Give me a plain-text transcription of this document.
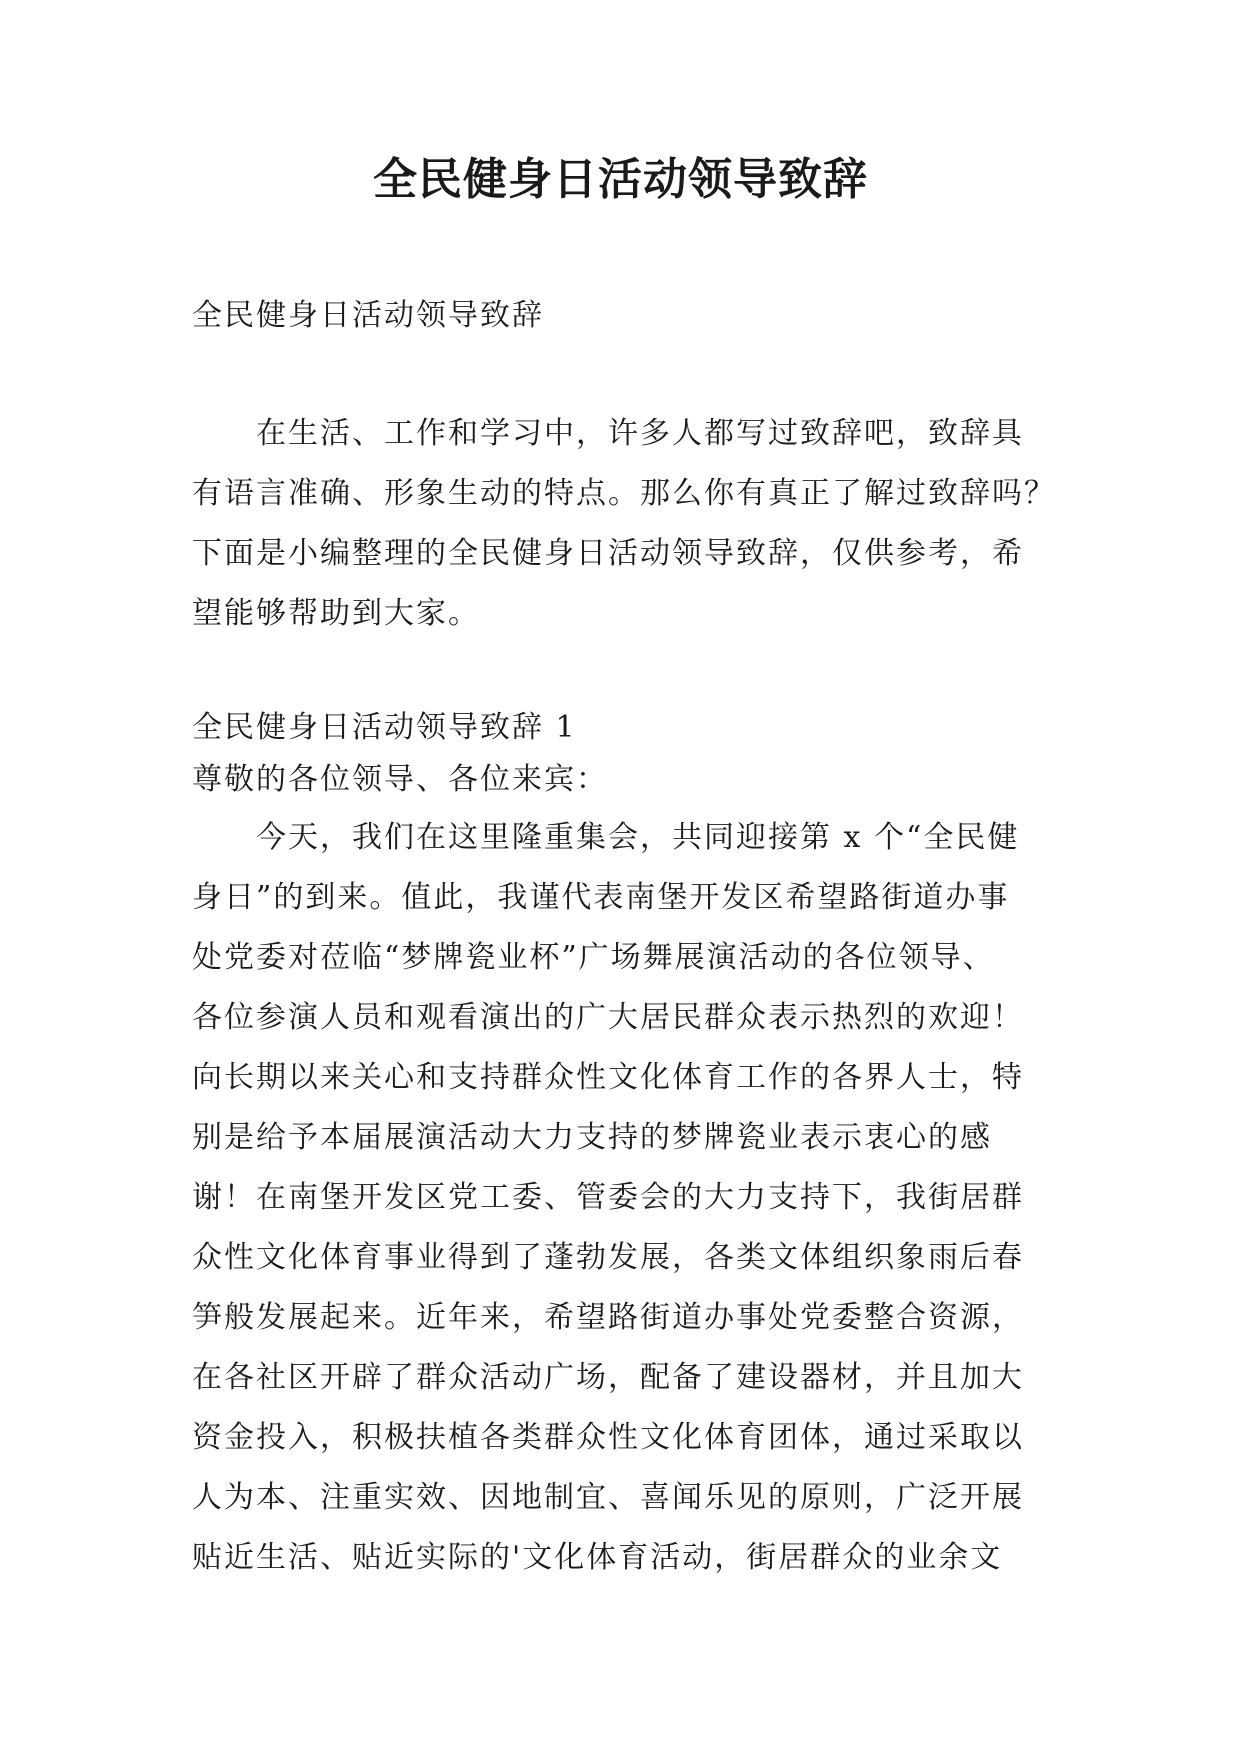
全民健身日活动领导致辞

全民健身日活动领导致辞

　　在生活、工作和学习中，许多人都写过致辞吧，致辞具
有语言准确、形象生动的特点。那么你有真正了解过致辞吗？
下面是小编整理的全民健身日活动领导致辞，仅供参考，希
望能够帮助到大家。

全民健身日活动领导致辞 1

尊敬的各位领导、各位来宾：

　　今天，我们在这里隆重集会，共同迎接第 x 个“全民健
身日”的到来。值此，我谨代表南堡开发区希望路街道办事
处党委对莅临“梦牌瓷业杯”广场舞展演活动的各位领导、
各位参演人员和观看演出的广大居民群众表示热烈的欢迎！
向长期以来关心和支持群众性文化体育工作的各界人士，特
别是给予本届展演活动大力支持的梦牌瓷业表示衷心的感
谢！在南堡开发区党工委、管委会的大力支持下，我街居群
众性文化体育事业得到了蓬勃发展，各类文体组织象雨后春
笋般发展起来。近年来，希望路街道办事处党委整合资源，
在各社区开辟了群众活动广场，配备了建设器材，并且加大
资金投入，积极扶植各类群众性文化体育团体，通过采取以
人为本、注重实效、因地制宜、喜闻乐见的原则，广泛开展
贴近生活、贴近实际的'文化体育活动，街居群众的业余文
